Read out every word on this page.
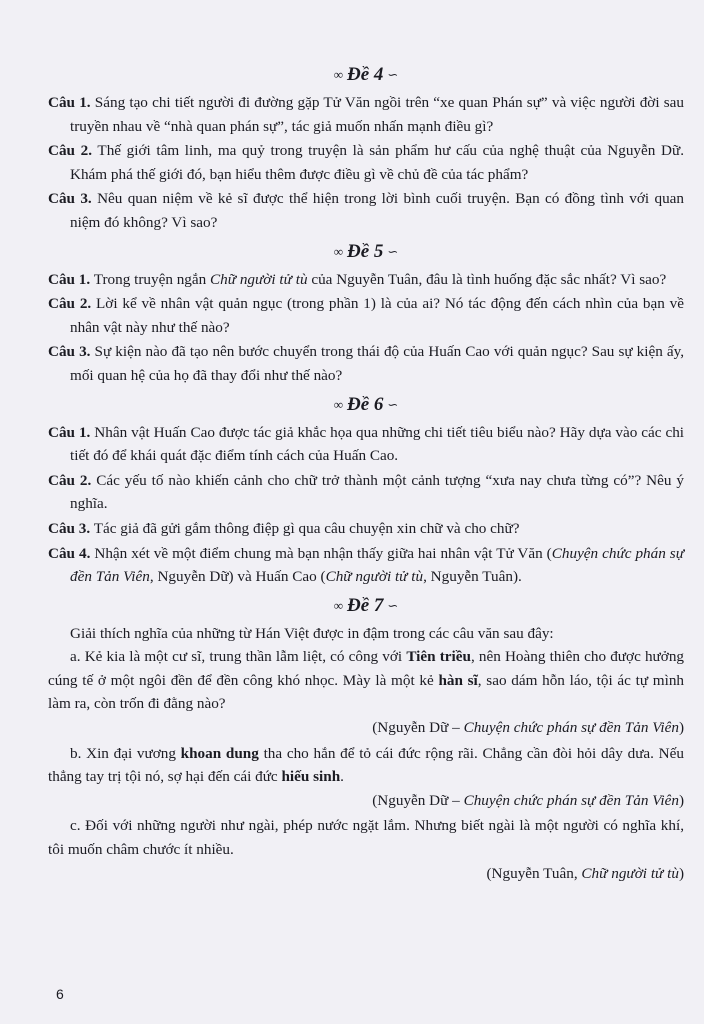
∞ Đề 4 ∽

Câu 1. Sáng tạo chi tiết người đi đường gặp Tử Văn ngồi trên “xe quan Phán sự” và việc người đời sau truyền nhau về “nhà quan phán sự”, tác giả muốn nhấn mạnh điều gì?

Câu 2. Thế giới tâm linh, ma quỷ trong truyện là sản phẩm hư cấu của nghệ thuật của Nguyễn Dữ. Khám phá thế giới đó, bạn hiểu thêm được điều gì về chủ đề của tác phẩm?

Câu 3. Nêu quan niệm về kẻ sĩ được thể hiện trong lời bình cuối truyện. Bạn có đồng tình với quan niệm đó không? Vì sao?

∞ Đề 5 ∽

Câu 1. Trong truyện ngắn Chữ người tử tù của Nguyễn Tuân, đâu là tình huống đặc sắc nhất? Vì sao?

Câu 2. Lời kể về nhân vật quản ngục (trong phần 1) là của ai? Nó tác động đến cách nhìn của bạn về nhân vật này như thế nào?

Câu 3. Sự kiện nào đã tạo nên bước chuyển trong thái độ của Huấn Cao với quản ngục? Sau sự kiện ấy, mối quan hệ của họ đã thay đổi như thế nào?

∞ Đề 6 ∽

Câu 1. Nhân vật Huấn Cao được tác giả khắc họa qua những chi tiết tiêu biểu nào? Hãy dựa vào các chi tiết đó để khái quát đặc điểm tính cách của Huấn Cao.

Câu 2. Các yếu tố nào khiến cảnh cho chữ trở thành một cảnh tượng “xưa nay chưa từng có”? Nêu ý nghĩa.

Câu 3. Tác giả đã gửi gắm thông điệp gì qua câu chuyện xin chữ và cho chữ?

Câu 4. Nhận xét về một điểm chung mà bạn nhận thấy giữa hai nhân vật Tử Văn (Chuyện chức phán sự đền Tản Viên, Nguyễn Dữ) và Huấn Cao (Chữ người tử tù, Nguyễn Tuân).

∞ Đề 7 ∽

Giải thích nghĩa của những từ Hán Việt được in đậm trong các câu văn sau đây:

a. Kẻ kia là một cư sĩ, trung thần lẫm liệt, có công với Tiên triều, nên Hoàng thiên cho được hưởng cúng tế ở một ngôi đền để đền công khó nhọc. Mày là một kẻ hàn sĩ, sao dám hỗn láo, tội ác tự mình làm ra, còn trốn đi đằng nào?

(Nguyễn Dữ – Chuyện chức phán sự đền Tản Viên)

b. Xin đại vương khoan dung tha cho hắn để tỏ cái đức rộng rãi. Chẳng cần đòi hỏi dây dưa. Nếu thẳng tay trị tội nó, sợ hại đến cái đức hiếu sinh.

(Nguyễn Dữ – Chuyện chức phán sự đền Tản Viên)

c. Đối với những người như ngài, phép nước ngặt lắm. Nhưng biết ngài là một người có nghĩa khí, tôi muốn châm chước ít nhiều.

(Nguyễn Tuân, Chữ người tử tù)

6
